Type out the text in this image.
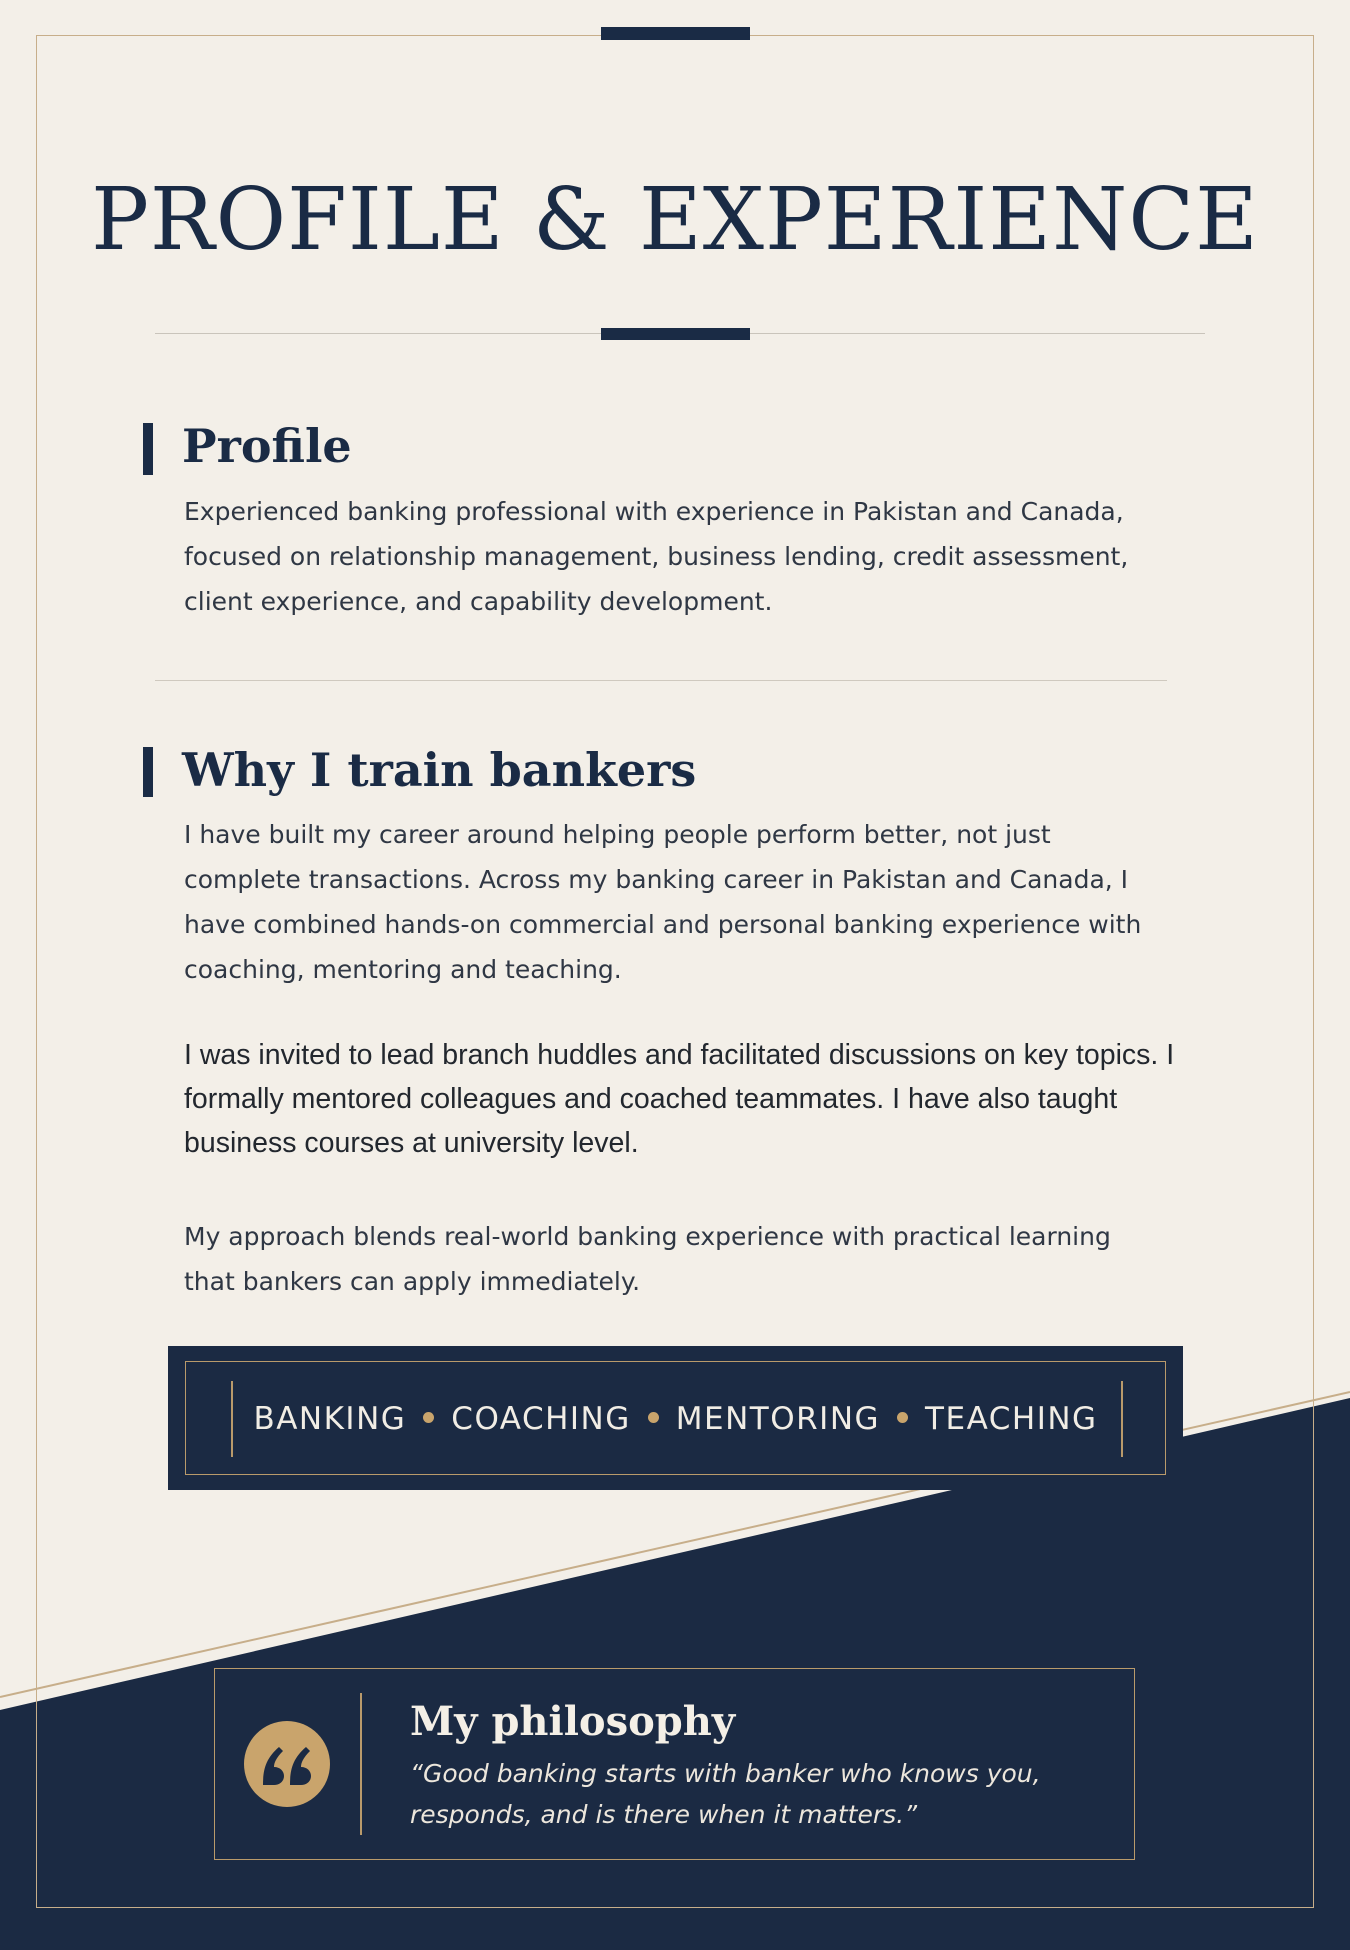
PROFILE & EXPERIENCE
Profile

Experienced banking professional with experience in Pakistan and Canada, focused on relationship management, business lending, credit assessment, client experience, and capability development.

Why I train bankers

I have built my career around helping people perform better, not just complete transactions. Across my banking career in Pakistan and Canada, I have combined hands-on commercial and personal banking experience with coaching, mentoring and teaching.

I was invited to lead branch huddles and facilitated discussions on key topics. I formally mentored colleagues and coached teammates. I have also taught business courses at university level.

My approach blends real-world banking experience with practical learning that bankers can apply immediately.

BANKING COACHING MENTORING TEACHING
My philosophy

“Good banking starts with banker who knows you, responds, and is there when it matters.”
